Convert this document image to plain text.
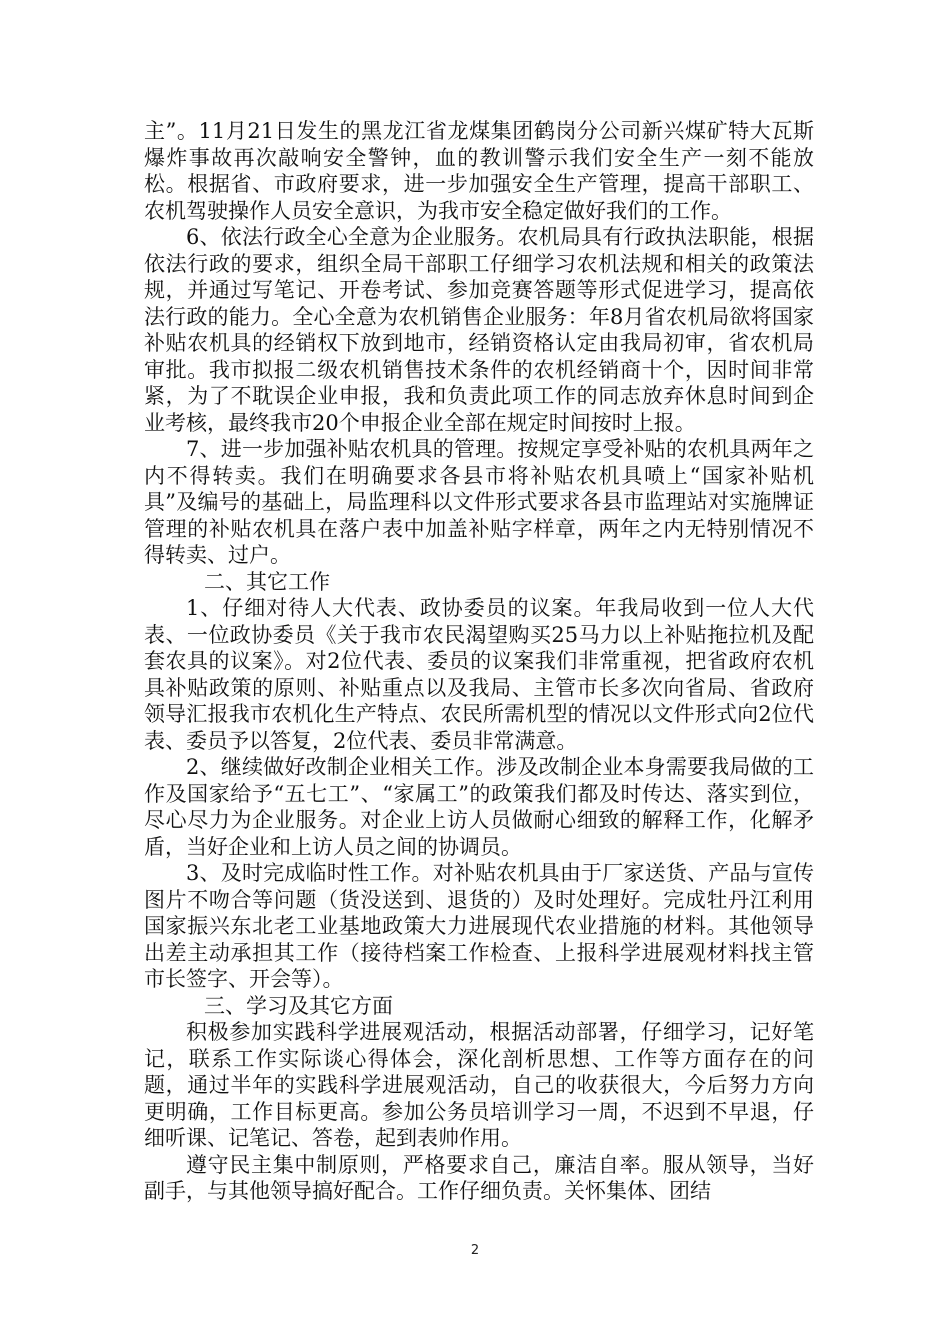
主”。11月21日发生的黑龙江省龙煤集团鹤岗分公司新兴煤矿特大瓦斯爆炸事故再次敲响安全警钟，血的教训警示我们安全生产一刻不能放松。根据省、市政府要求，进一步加强安全生产管理，提高干部职工、农机驾驶操作人员安全意识，为我市安全稳定做好我们的工作。

6、依法行政全心全意为企业服务。农机局具有行政执法职能，根据依法行政的要求，组织全局干部职工仔细学习农机法规和相关的政策法规，并通过写笔记、开卷考试、参加竞赛答题等形式促进学习，提高依法行政的能力。全心全意为农机销售企业服务：年8月省农机局欲将国家补贴农机具的经销权下放到地市，经销资格认定由我局初审，省农机局审批。我市拟报二级农机销售技术条件的农机经销商十个，因时间非常紧，为了不耽误企业申报，我和负责此项工作的同志放弃休息时间到企业考核，最终我市20个申报企业全部在规定时间按时上报。

7、进一步加强补贴农机具的管理。按规定享受补贴的农机具两年之内不得转卖。我们在明确要求各县市将补贴农机具喷上“国家补贴机具”及编号的基础上，局监理科以文件形式要求各县市监理站对实施牌证管理的补贴农机具在落户表中加盖补贴字样章，两年之内无特别情况不得转卖、过户。

二、其它工作

1、仔细对待人大代表、政协委员的议案。年我局收到一位人大代表、一位政协委员《关于我市农民渴望购买25马力以上补贴拖拉机及配套农具的议案》。对2位代表、委员的议案我们非常重视，把省政府农机具补贴政策的原则、补贴重点以及我局、主管市长多次向省局、省政府领导汇报我市农机化生产特点、农民所需机型的情况以文件形式向2位代表、委员予以答复，2位代表、委员非常满意。

2、继续做好改制企业相关工作。涉及改制企业本身需要我局做的工作及国家给予“五七工”、“家属工”的政策我们都及时传达、落实到位，尽心尽力为企业服务。对企业上访人员做耐心细致的解释工作，化解矛盾，当好企业和上访人员之间的协调员。

3、及时完成临时性工作。对补贴农机具由于厂家送货、产品与宣传图片不吻合等问题（货没送到、退货的）及时处理好。完成牡丹江利用国家振兴东北老工业基地政策大力进展现代农业措施的材料。其他领导出差主动承担其工作（接待档案工作检查、上报科学进展观材料找主管市长签字、开会等）。

三、学习及其它方面

积极参加实践科学进展观活动，根据活动部署，仔细学习，记好笔记，联系工作实际谈心得体会，深化剖析思想、工作等方面存在的问题，通过半年的实践科学进展观活动，自己的收获很大，今后努力方向更明确，工作目标更高。参加公务员培训学习一周，不迟到不早退，仔细听课、记笔记、答卷，起到表帅作用。

遵守民主集中制原则，严格要求自己，廉洁自率。服从领导，当好副手，与其他领导搞好配合。工作仔细负责。关怀集体、团结

2
